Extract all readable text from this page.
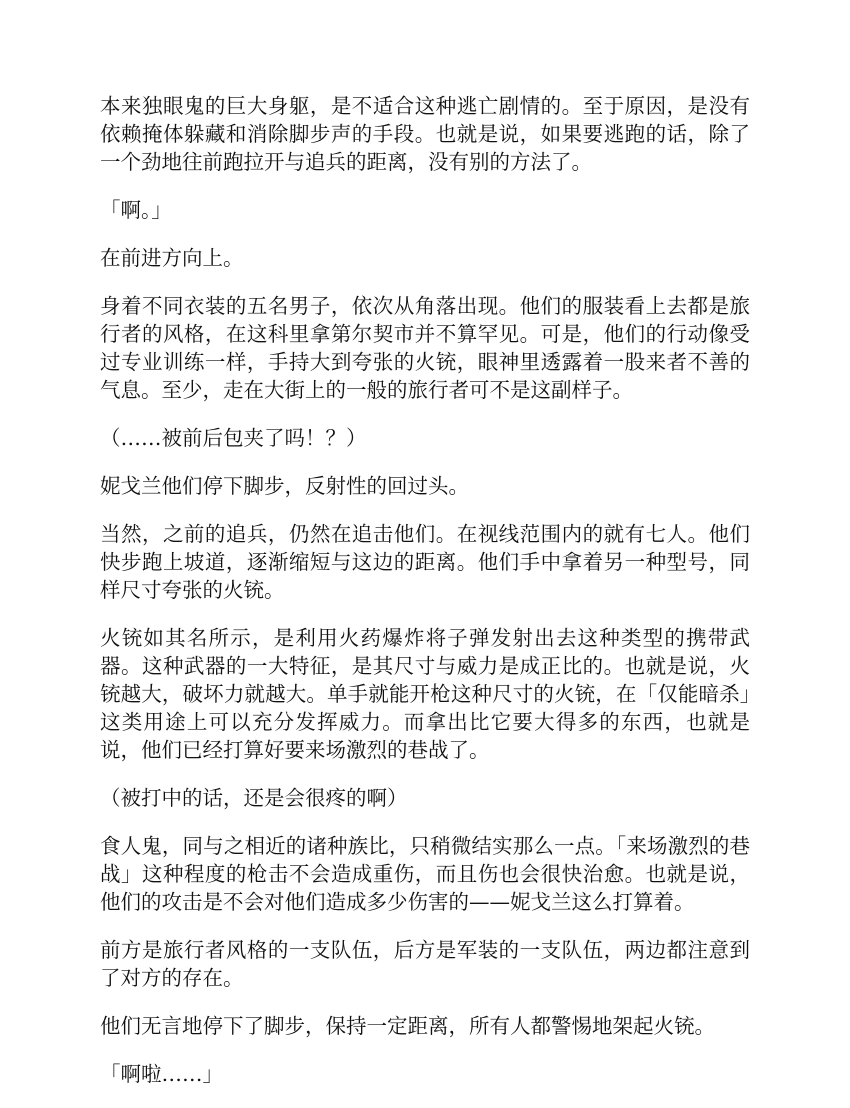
本来独眼鬼的巨大身躯，是不适合这种逃亡剧情的。至于原因，是没有依赖掩体躲藏和消除脚步声的手段。也就是说，如果要逃跑的话，除了一个劲地往前跑拉开与追兵的距离，没有别的方法了。

「啊。」

在前进方向上。

身着不同衣装的五名男子，依次从角落出现。他们的服装看上去都是旅行者的风格，在这科里拿第尔契市并不算罕见。可是，他们的行动像受过专业训练一样，手持大到夸张的火铳，眼神里透露着一股来者不善的气息。至少，走在大街上的一般的旅行者可不是这副样子。

（……被前后包夹了吗！？）

妮戈兰他们停下脚步，反射性的回过头。

当然，之前的追兵，仍然在追击他们。在视线范围内的就有七人。他们快步跑上坡道，逐渐缩短与这边的距离。他们手中拿着另一种型号，同样尺寸夸张的火铳。

火铳如其名所示，是利用火药爆炸将子弹发射出去这种类型的携带武器。这种武器的一大特征，是其尺寸与威力是成正比的。也就是说，火铳越大，破坏力就越大。单手就能开枪这种尺寸的火铳，在「仅能暗杀」这类用途上可以充分发挥威力。而拿出比它要大得多的东西，也就是说，他们已经打算好要来场激烈的巷战了。

（被打中的话，还是会很疼的啊）

食人鬼，同与之相近的诸种族比，只稍微结实那么一点。「来场激烈的巷战」这种程度的枪击不会造成重伤，而且伤也会很快治愈。也就是说，他们的攻击是不会对他们造成多少伤害的——妮戈兰这么打算着。

前方是旅行者风格的一支队伍，后方是军装的一支队伍，两边都注意到了对方的存在。

他们无言地停下了脚步，保持一定距离，所有人都警惕地架起火铳。

「啊啦……」
